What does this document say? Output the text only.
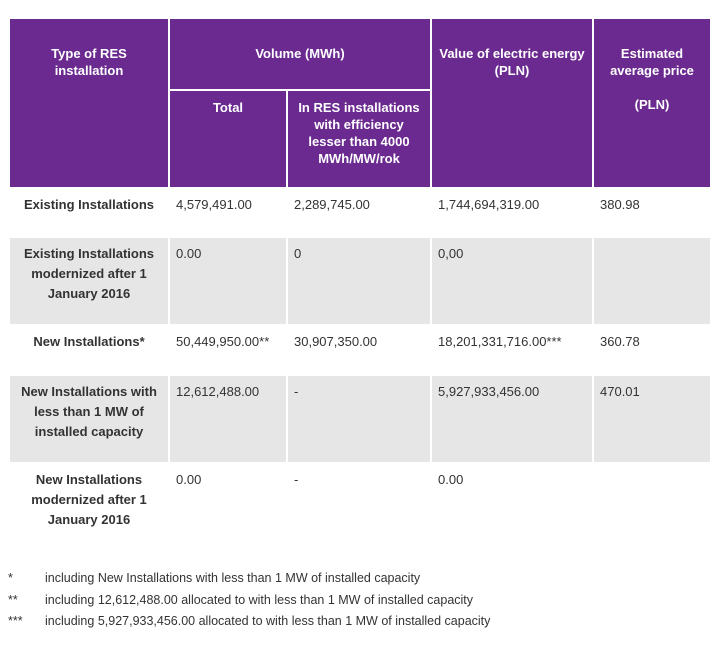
Type of RES installation	Volume (MWh)		Value of electric energy (PLN)	Estimated average price
(PLN)

	Total	In RES installations with efficiency lesser than 4000 MWh/MW/rok		
Existing Installations	4,579,491.00	2,289,745.00	1,744,694,319.00	380.98
Existing Installations modernized after 1 January 2016	0.00	0	0,00	
New Installations*	50,449,950.00**	30,907,350.00	18,201,331,716.00***	360.78
New Installations with less than 1 MW of installed capacity	12,612,488.00	-	5,927,933,456.00	470.01
New Installations modernized after 1 January 2016	0.00	-	0.00	
*	including New Installations with less than 1 MW of installed capacity
**	including 12,612,488.00 allocated to with less than 1 MW of installed capacity
***	including 5,927,933,456.00 allocated to with less than 1 MW of installed capacity
